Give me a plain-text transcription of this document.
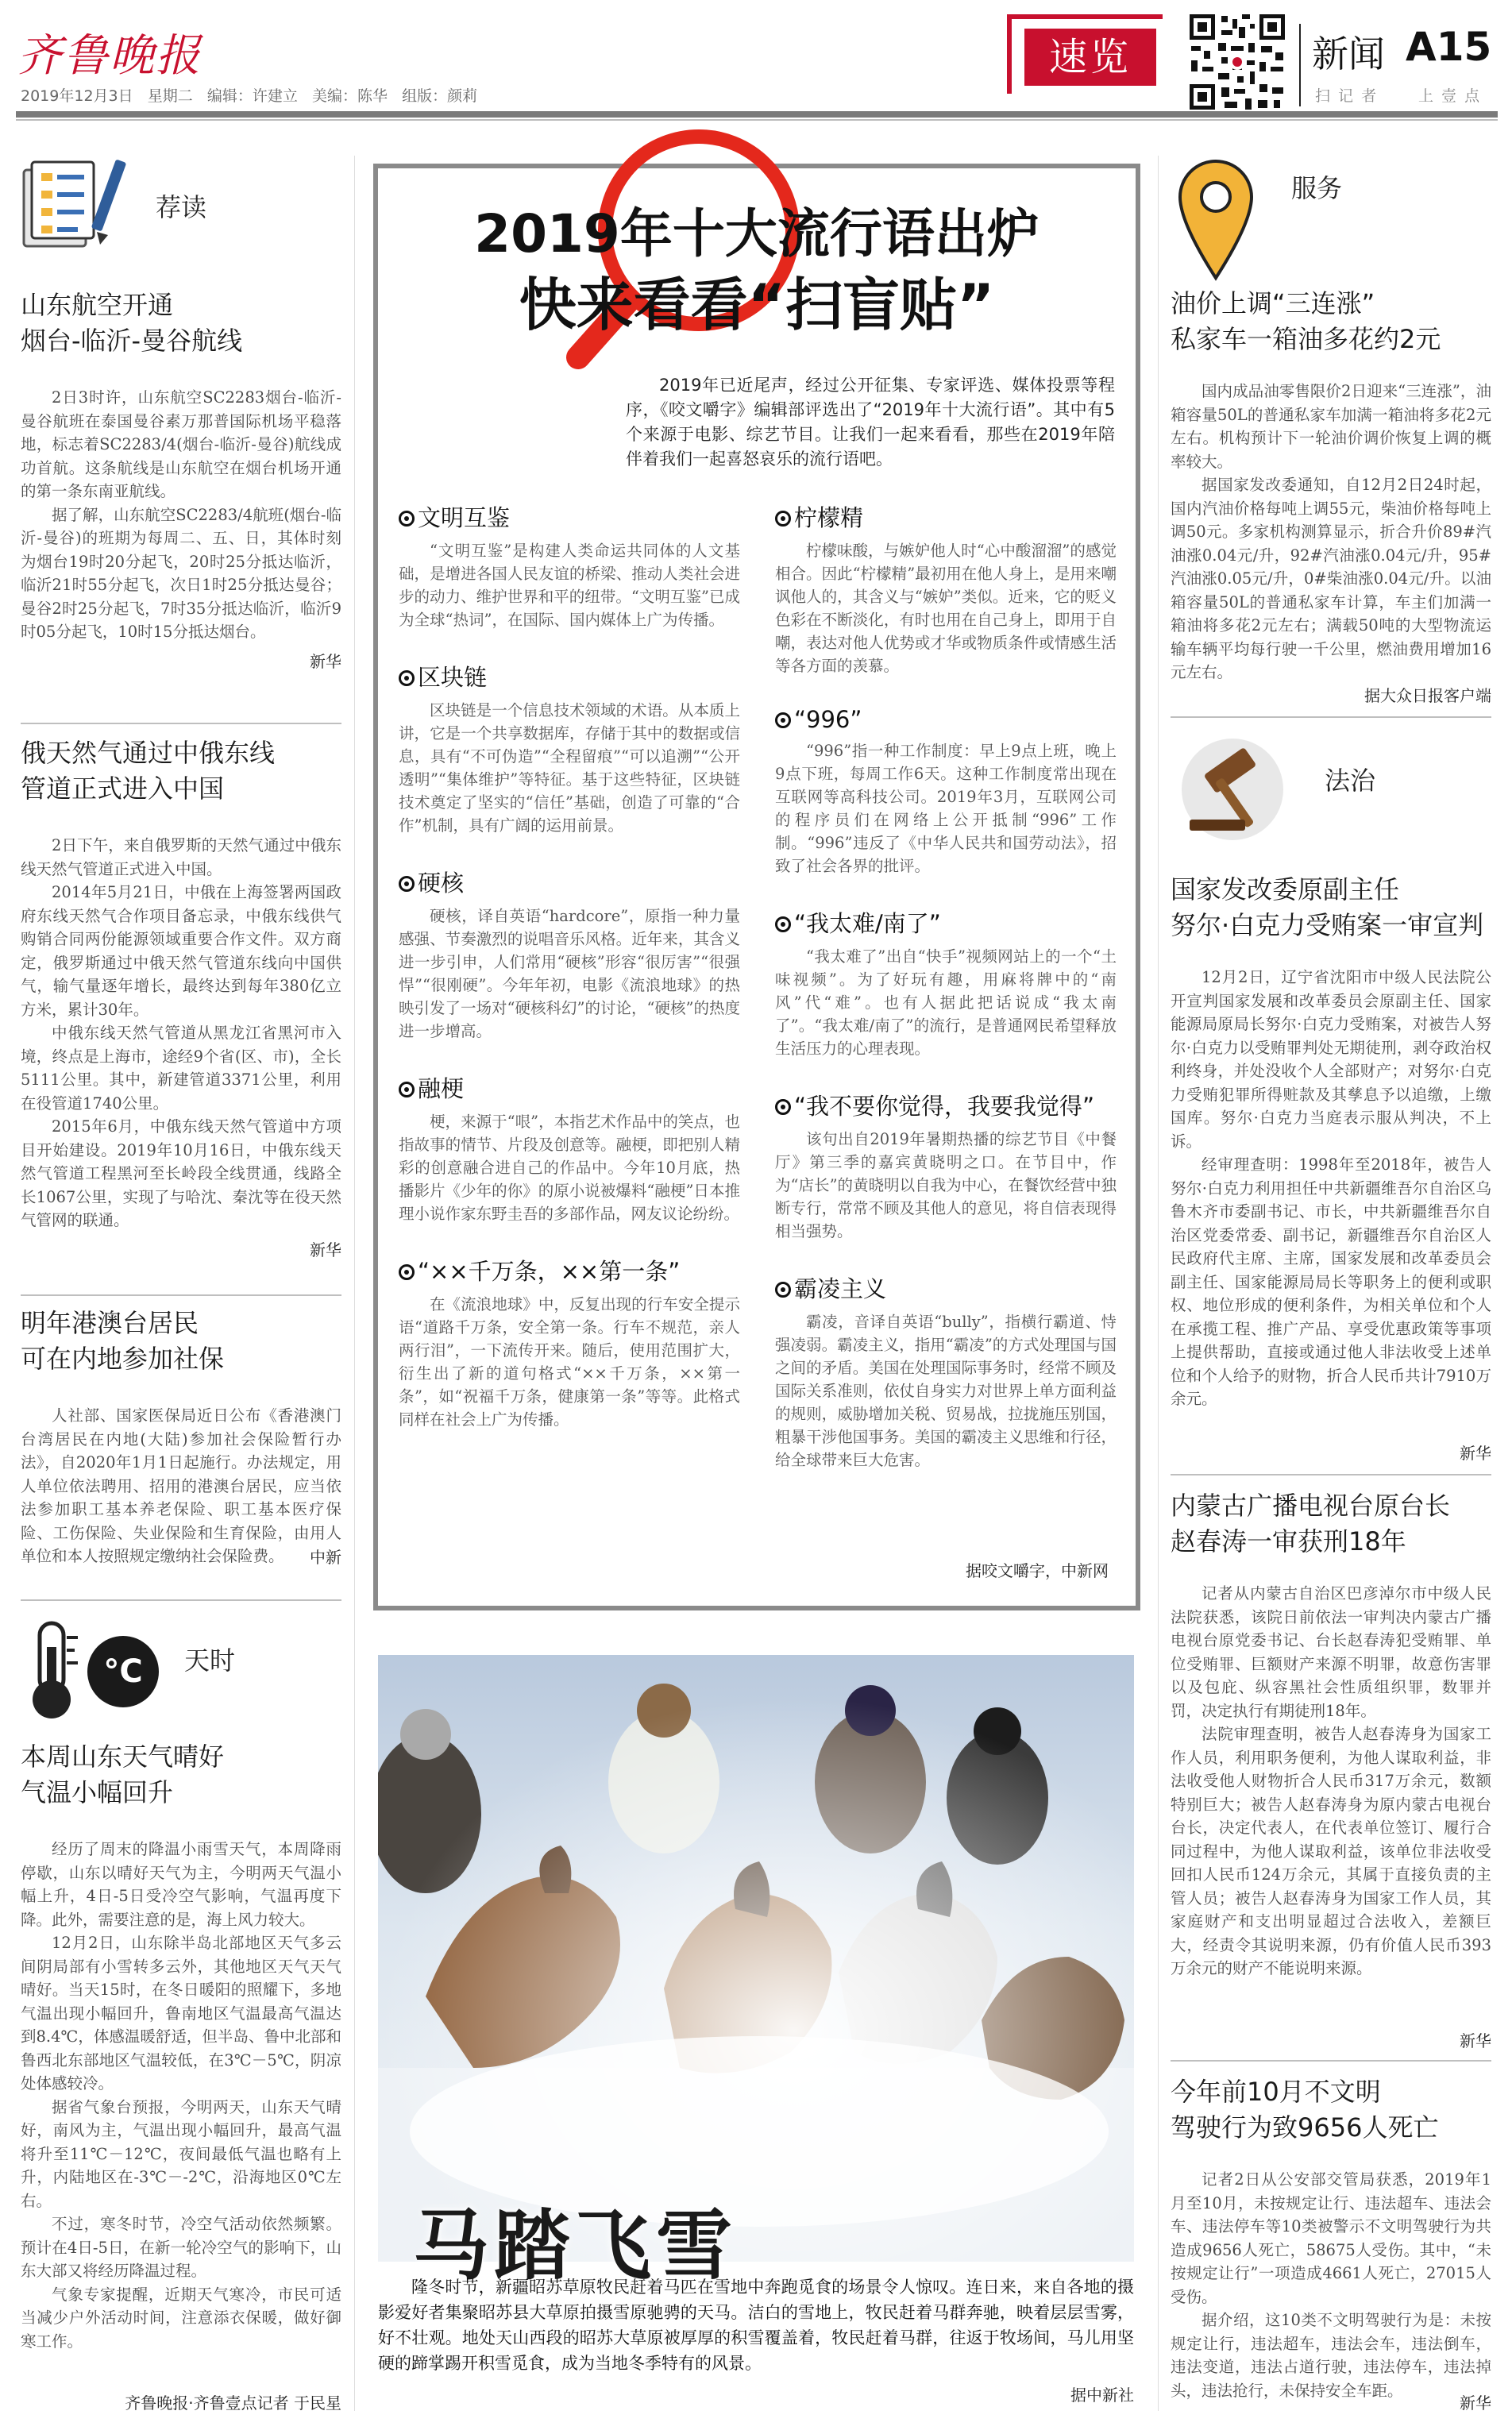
齐鲁晚报
2019年12月3日 星期二 编辑：许建立 美编：陈华 组版：颜莉
速览	新闻 A15
扫 记 者	上 壹 点
荐读
山东航空开通
烟台-临沂-曼谷航线

2日3时许，山东航空SC2283烟台-临沂-曼谷航班在泰国曼谷素万那普国际机场平稳落地，标志着SC2283/4(烟台-临沂-曼谷)航线成功首航。这条航线是山东航空在烟台机场开通的第一条东南亚航线。

据了解，山东航空SC2283/4航班(烟台-临沂-曼谷)的班期为每周二、五、日，其体时刻为烟台19时20分起飞，20时25分抵达临沂，临沂21时55分起飞，次日1时25分抵达曼谷；曼谷2时25分起飞，7时35分抵达临沂，临沂9时05分起飞，10时15分抵达烟台。

新华
俄天然气通过中俄东线
管道正式进入中国

2日下午，来自俄罗斯的天然气通过中俄东线天然气管道正式进入中国。

2014年5月21日，中俄在上海签署两国政府东线天然气合作项目备忘录，中俄东线供气购销合同两份能源领域重要合作文件。双方商定，俄罗斯通过中俄天然气管道东线向中国供气，输气量逐年增长，最终达到每年380亿立方米，累计30年。

中俄东线天然气管道从黑龙江省黑河市入境，终点是上海市，途经9个省(区、市)，全长5111公里。其中，新建管道3371公里，利用在役管道1740公里。

2015年6月，中俄东线天然气管道中方项目开始建设。2019年10月16日，中俄东线天然气管道工程黑河至长岭段全线贯通，线路全长1067公里，实现了与哈沈、秦沈等在役天然气管网的联通。

新华
明年港澳台居民
可在内地参加社保

人社部、国家医保局近日公布《香港澳门台湾居民在内地(大陆)参加社会保险暂行办法》，自2020年1月1日起施行。办法规定，用人单位依法聘用、招用的港澳台居民，应当依法参加职工基本养老保险、职工基本医疗保险、工伤保险、失业保险和生育保险，由用人单位和本人按照规定缴纳社会保险费。	中新
°C	天时
本周山东天气晴好
气温小幅回升

经历了周末的降温小雨雪天气，本周降雨停歇，山东以晴好天气为主，今明两天气温小幅上升，4日-5日受冷空气影响，气温再度下降。此外，需要注意的是，海上风力较大。

12月2日，山东除半岛北部地区天气多云间阴局部有小雪转多云外，其他地区天气天气晴好。当天15时，在冬日暖阳的照耀下，多地气温出现小幅回升，鲁南地区气温最高气温达到8.4℃，体感温暖舒适，但半岛、鲁中北部和鲁西北东部地区气温较低，在3℃－5℃，阴凉处体感较冷。

据省气象台预报，今明两天，山东天气晴好，南风为主，气温出现小幅回升，最高气温将升至11℃－12℃，夜间最低气温也略有上升，内陆地区在-3℃－-2℃，沿海地区0℃左右。

不过，寒冬时节，冷空气活动依然频繁。预计在4日-5日，在新一轮冷空气的影响下，山东大部又将经历降温过程。

气象专家提醒，近期天气寒冷，市民可适当减少户外活动时间，注意添衣保暖，做好御寒工作。

齐鲁晚报·齐鲁壹点记者 于民星
2019年十大流行语出炉
快来看看“扫盲贴”

2019年已近尾声，经过公开征集、专家评选、媒体投票等程序，《咬文嚼字》编辑部评选出了“2019年十大流行语”。其中有5个来源于电影、综艺节目。让我们一起来看看，那些在2019年陪伴着我们一起喜怒哀乐的流行语吧。

文明互鉴

“文明互鉴”是构建人类命运共同体的人文基础，是增进各国人民友谊的桥梁、推动人类社会进步的动力、维护世界和平的纽带。“文明互鉴”已成为全球“热词”，在国际、国内媒体上广为传播。

区块链

区块链是一个信息技术领域的术语。从本质上讲，它是一个共享数据库，存储于其中的数据或信息，具有“不可伪造”“全程留痕”“可以追溯”“公开透明”“集体维护”等特征。基于这些特征，区块链技术奠定了坚实的“信任”基础，创造了可靠的“合作”机制，具有广阔的运用前景。

硬核

硬核，译自英语“hardcore”，原指一种力量感强、节奏激烈的说唱音乐风格。近年来，其含义进一步引申，人们常用“硬核”形容“很厉害”“很强悍”“很刚硬”。今年年初，电影《流浪地球》的热映引发了一场对“硬核科幻”的讨论，“硬核”的热度进一步增高。

融梗

梗，来源于“哏”，本指艺术作品中的笑点，也指故事的情节、片段及创意等。融梗，即把别人精彩的创意融合进自己的作品中。今年10月底，热播影片《少年的你》的原小说被爆料“融梗”日本推理小说作家东野圭吾的多部作品，网友议论纷纷。

“××千万条，××第一条”

在《流浪地球》中，反复出现的行车安全提示语“道路千万条，安全第一条。行车不规范，亲人两行泪”，一下流传开来。随后，使用范围扩大，衍生出了新的道句格式“××千万条，××第一条”，如“祝福千万条，健康第一条”等等。此格式同样在社会上广为传播。

柠檬精

柠檬味酸，与嫉妒他人时“心中酸溜溜”的感觉相合。因此“柠檬精”最初用在他人身上，是用来嘲讽他人的，其含义与“嫉妒”类似。近来，它的贬义色彩在不断淡化，有时也用在自己身上，即用于自嘲，表达对他人优势或才华或物质条件或情感生活等各方面的羡慕。

“996”

“996”指一种工作制度：早上9点上班，晚上9点下班，每周工作6天。这种工作制度常出现在互联网等高科技公司。2019年3月，互联网公司的程序员们在网络上公开抵制“996”工作制。“996”违反了《中华人民共和国劳动法》，招致了社会各界的批评。

“我太难/南了”

“我太难了”出自“快手”视频网站上的一个“土味视频”。为了好玩有趣，用麻将牌中的“南风”代“难”。也有人据此把话说成“我太南了”。“我太难/南了”的流行，是普通网民希望释放生活压力的心理表现。

“我不要你觉得，我要我觉得”

该句出自2019年暑期热播的综艺节目《中餐厅》第三季的嘉宾黄晓明之口。在节目中，作为“店长”的黄晓明以自我为中心，在餐饮经营中独断专行，常常不顾及其他人的意见，将自信表现得相当强势。

霸凌主义

霸凌，音译自英语“bully”，指横行霸道、恃强凌弱。霸凌主义，指用“霸凌”的方式处理国与国之间的矛盾。美国在处理国际事务时，经常不顾及国际关系准则，依仗自身实力对世界上单方面利益的规则，威胁增加关税、贸易战，拉拢施压别国，粗暴干涉他国事务。美国的霸凌主义思维和行径，给全球带来巨大危害。

据咬文嚼字，中新网
马踏飞雪

隆冬时节，新疆昭苏草原牧民赶着马匹在雪地中奔跑觅食的场景令人惊叹。连日来，来自各地的摄影爱好者集聚昭苏县大草原拍摄雪原驰骋的天马。洁白的雪地上，牧民赶着马群奔驰，映着层层雪雾，好不壮观。地处天山西段的昭苏大草原被厚厚的积雪覆盖着，牧民赶着马群，往返于牧场间，马儿用坚硬的蹄掌踢开积雪觅食，成为当地冬季特有的风景。

据中新社
服务
油价上调“三连涨”
私家车一箱油多花约2元

国内成品油零售限价2日迎来“三连涨”，油箱容量50L的普通私家车加满一箱油将多花2元左右。机构预计下一轮油价调价恢复上调的概率较大。

据国家发改委通知，自12月2日24时起，国内汽油价格每吨上调55元，柴油价格每吨上调50元。多家机构测算显示，折合升价89#汽油涨0.04元/升，92#汽油涨0.04元/升，95#汽油涨0.05元/升，0#柴油涨0.04元/升。以油箱容量50L的普通私家车计算，车主们加满一箱油将多花2元左右；满载50吨的大型物流运输车辆平均每行驶一千公里，燃油费用增加16元左右。

据大众日报客户端
法治
国家发改委原副主任
努尔·白克力受贿案一审宣判

12月2日，辽宁省沈阳市中级人民法院公开宣判国家发展和改革委员会原副主任、国家能源局原局长努尔·白克力受贿案，对被告人努尔·白克力以受贿罪判处无期徒刑，剥夺政治权利终身，并处没收个人全部财产；对努尔·白克力受贿犯罪所得赃款及其孳息予以追缴，上缴国库。努尔·白克力当庭表示服从判决，不上诉。

经审理查明：1998年至2018年，被告人努尔·白克力利用担任中共新疆维吾尔自治区乌鲁木齐市委副书记、市长，中共新疆维吾尔自治区党委常委、副书记，新疆维吾尔自治区人民政府代主席、主席，国家发展和改革委员会副主任、国家能源局局长等职务上的便利或职权、地位形成的便利条件，为相关单位和个人在承揽工程、推广产品、享受优惠政策等事项上提供帮助，直接或通过他人非法收受上述单位和个人给予的财物，折合人民币共计7910万余元。

新华
内蒙古广播电视台原台长
赵春涛一审获刑18年

记者从内蒙古自治区巴彦淖尔市中级人民法院获悉，该院日前依法一审判决内蒙古广播电视台原党委书记、台长赵春涛犯受贿罪、单位受贿罪、巨额财产来源不明罪，故意伤害罪以及包庇、纵容黑社会性质组织罪，数罪并罚，决定执行有期徒刑18年。

法院审理查明，被告人赵春涛身为国家工作人员，利用职务便利，为他人谋取利益，非法收受他人财物折合人民币317万余元，数额特别巨大；被告人赵春涛身为原内蒙古电视台台长，决定代表人，在代表单位签订、履行合同过程中，为他人谋取利益，该单位非法收受回扣人民币124万余元，其属于直接负责的主管人员；被告人赵春涛身为国家工作人员，其家庭财产和支出明显超过合法收入，差额巨大，经责令其说明来源，仍有价值人民币393万余元的财产不能说明来源。

新华
今年前10月不文明
驾驶行为致9656人死亡

记者2日从公安部交管局获悉，2019年1月至10月，未按规定让行、违法超车、违法会车、违法停车等10类被警示不文明驾驶行为共造成9656人死亡，58675人受伤。其中，“未按规定让行”一项造成4661人死亡，27015人受伤。

据介绍，这10类不文明驾驶行为是：未按规定让行，违法超车，违法会车，违法倒车，违法变道，违法占道行驶，违法停车，违法掉头，违法抢行，未保持安全车距。

新华
